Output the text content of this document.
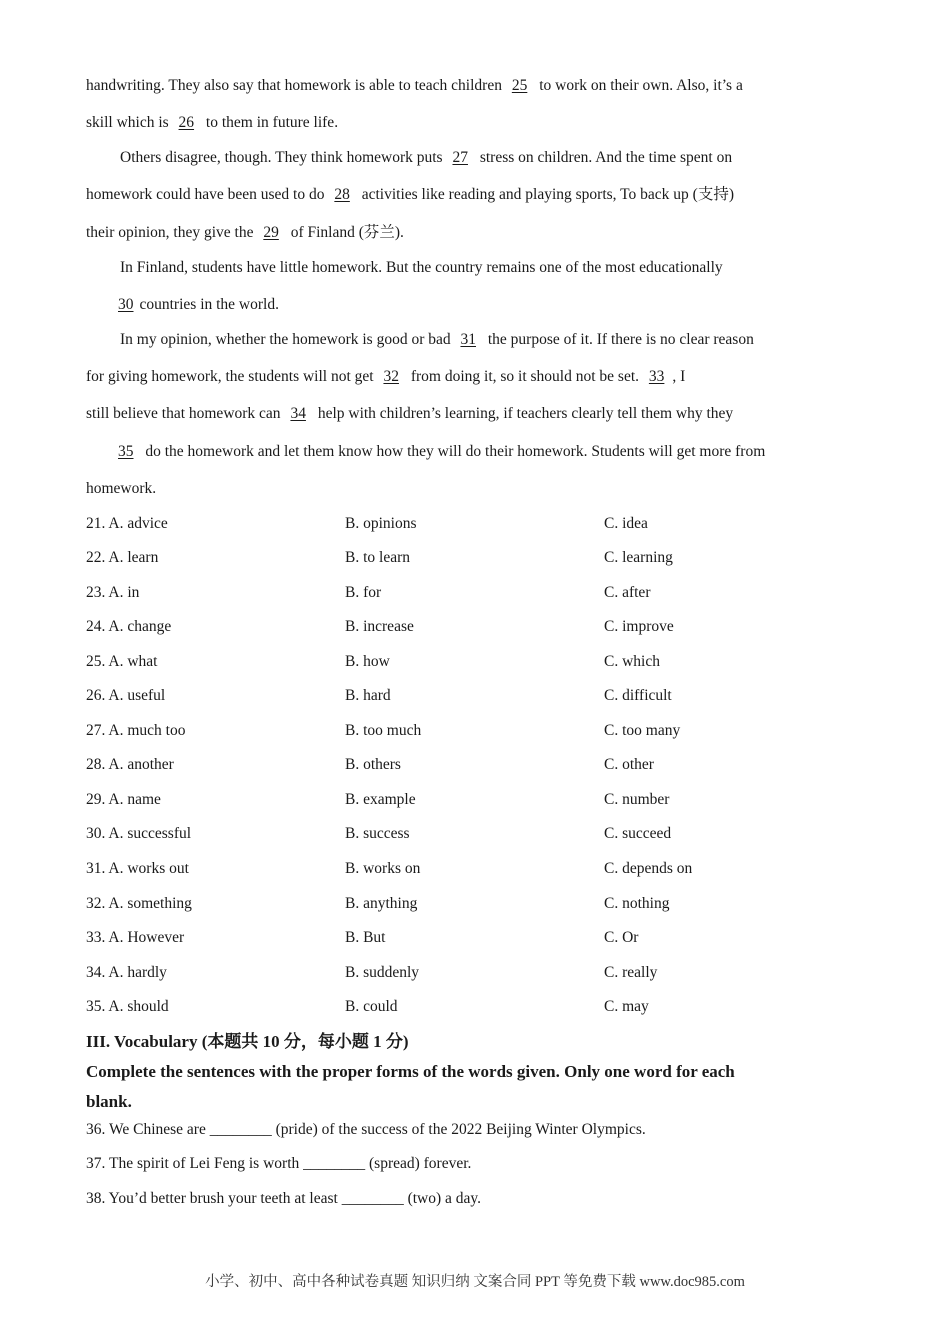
handwriting. They also say that homework is able to teach children 25 to work on their own. Also, it’s a
skill which is 26 to them in future life.
Others disagree, though. They think homework puts 27 stress on children. And the time spent on
homework could have been used to do 28 activities like reading and playing sports, To back up (支持)
their opinion, they give the 29 of Finland (芬兰).
In Finland, students have little homework. But the country remains one of the most educationally
30 countries in the world.
In my opinion, whether the homework is good or bad 31 the purpose of it. If there is no clear reason
for giving homework, the students will not get 32 from doing it, so it should not be set. 33 , I
still believe that homework can 34 help with children’s learning, if teachers clearly tell them why they
35 do the homework and let them know how they will do their homework. Students will get more from
homework.
21. A. advice	B. opinions	C. idea
22. A. learn	B. to learn	C. learning
23. A. in	B. for	C. after
24. A. change	B. increase	C. improve
25. A. what	B. how	C. which
26. A. useful	B. hard	C. difficult
27. A. much too	B. too much	C. too many
28. A. another	B. others	C. other
29. A. name	B. example	C. number
30. A. successful	B. success	C. succeed
31. A. works out	B. works on	C. depends on
32. A. something	B. anything	C. nothing
33. A. However	B. But	C. Or
34. A. hardly	B. suddenly	C. really
35. A. should	B. could	C. may
III. Vocabulary (本题共 10 分，每小题 1 分)
Complete the sentences with the proper forms of the words given. Only one word for each
blank.
36. We Chinese are ________ (pride) of the success of the 2022 Beijing Winter Olympics.
37. The spirit of Lei Feng is worth ________ (spread) forever.
38. You’d better brush your teeth at least ________ (two) a day.
小学、初中、高中各种试卷真题 知识归纳 文案合同 PPT 等免费下载 www.doc985.com
